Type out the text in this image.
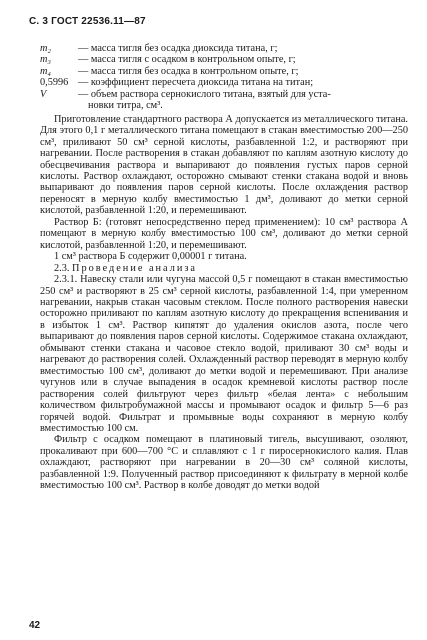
С. 3 ГОСТ 22536.11—87
m₂	— масса тигля без осадка диоксида титана, г;
m₃	— масса тигля с осадком в контрольном опыте, г;
m₄	— масса тигля без осадка в контрольном опыте, г;
0,5996 — коэффициент пересчета диоксида титана на титан;
V	— объем раствора сернокислого титана, взятый для уста-
новки титра, см³.

Приготовление стандартного раствора А допускается из металлического титана. Для этого 0,1 г металлического титана помещают в стакан вместимостью 200—250 см³, приливают 50 см³ серной кислоты, разбавленной 1:2, и растворяют при нагревании. После растворения в стакан добавляют по каплям азотную кислоту до обесцвечивания раствора и выпаривают до появления густых паров серной кислоты. Раствор охлаждают, осторожно смывают стенки стакана водой и вновь выпаривают до появления паров серной кислоты. После охлаждения раствор переносят в мерную колбу вместимостью 1 дм³, доливают до метки серной кислотой, разбавленной 1:20, и перемешивают.

Раствор Б: (готовят непосредственно перед применением): 10 см³ раствора А помещают в мерную колбу вместимостью 100 см³, доливают до метки серной кислотой, разбавленной 1:20, и перемешивают.

1 см³ раствора Б содержит 0,00001 г титана.

2.3. Проведение анализа

2.3.1. Навеску стали или чугуна массой 0,5 г помещают в стакан вместимостью 250 см³ и растворяют в 25 см³ серной кислоты, разбавленной 1:4, при умеренном нагревании, накрыв стакан часовым стеклом. После полного растворения навески осторожно приливают по каплям азотную кислоту до прекращения вспенивания и в избыток 1 см³. Раствор кипятят до удаления окислов азота, после чего выпаривают до появления паров серной кислоты. Содержимое стакана охлаждают, обмывают стенки стакана и часовое стекло водой, приливают 30 см³ воды и нагревают до растворения солей. Охлажденный раствор переводят в мерную колбу вместимостью 100 см³, доливают до метки водой и перемешивают. При анализе чугунов или в случае выпадения в осадок кремневой кислоты раствор после растворения солей фильтруют через фильтр «белая лента» с небольшим количеством фильтробумажной массы и промывают осадок и фильтр 5—6 раз горячей водой. Фильтрат и промывные воды сохраняют в мерную колбу вместимостью 100 см.

Фильтр с осадком помещают в платиновый тигель, высушивают, озоляют, прокаливают при 600—700 °С и сплавляют с 1 г пиросернокислого калия. Плав охлаждают, растворяют при нагревании в 20—30 см³ соляной кислоты, разбавленной 1:9. Полученный раствор присоединяют к фильтрату в мерной колбе вместимостью 100 см³. Раствор в колбе доводят до метки водой

42
